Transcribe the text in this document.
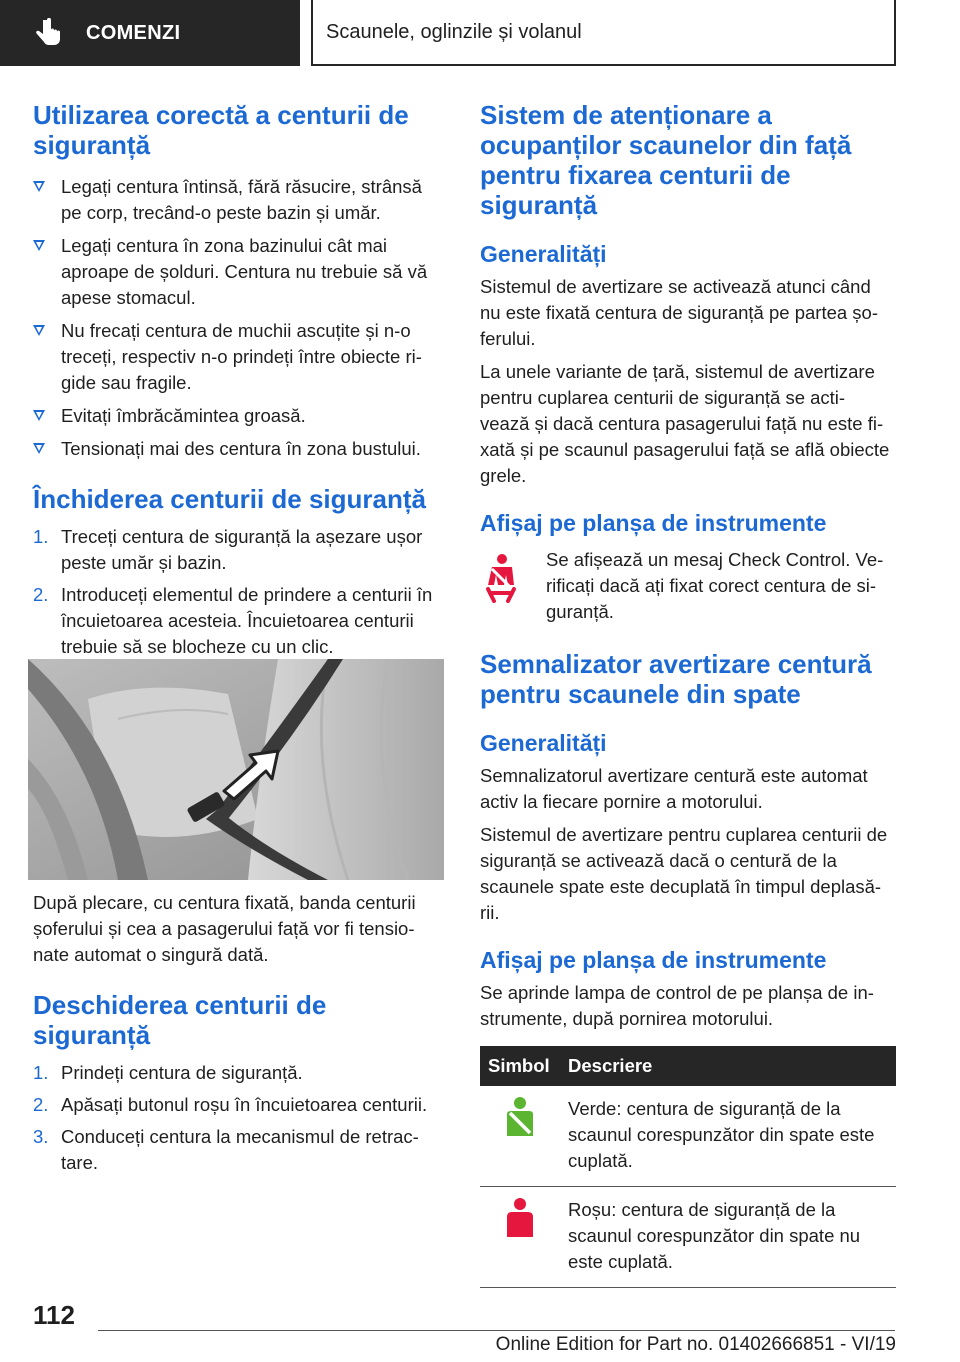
COMENZI	Scaunele, oglinzile și volanul
Utilizarea corectă a centurii de siguranță
Legați centura întinsă, fără răsucire, strânsă pe corp, trecând-o peste bazin și umăr.
Legați centura în zona bazinului cât mai aproape de șolduri. Centura nu trebuie să vă apese stomacul.
Nu frecați centura de muchii ascuțite și n-o treceți, respectiv n-o prindeți între obiecte ri- gide sau fragile.
Evitați îmbrăcămintea groasă.
Tensionați mai des centura în zona bustului.
Închiderea centurii de siguranță
1. Treceți centura de siguranță la așezare ușor peste umăr și bazin.
2. Introduceți elementul de prindere a centurii în încuietoarea acesteia. Încuietoarea centurii trebuie să se blocheze cu un clic.

După plecare, cu centura fixată, banda centurii șoferului și cea a pasagerului față vor fi tensio- nate automat o singură dată.

Deschiderea centurii de siguranță
1. Prindeți centura de siguranță.
2. Apăsați butonul roșu în încuietoarea centurii.
3. Conduceți centura la mecanismul de retrac- tare.
Sistem de atenționare a ocupanților scaunelor din față pentru fixarea centurii de siguranță
Generalități

Sistemul de avertizare se activează atunci când nu este fixată centura de siguranță pe partea șo- ferului.

La unele variante de țară, sistemul de avertizare pentru cuplarea centurii de siguranță se acti- vează și dacă centura pasagerului față nu este fi- xată și pe scaunul pasagerului față se află obiecte grele.

Afișaj pe planșa de instrumente

Se afișează un mesaj Check Control. Ve- rificați dacă ați fixat corect centura de si- guranță.

Semnalizator avertizare centură pentru scaunele din spate
Generalități

Semnalizatorul avertizare centură este automat activ la fiecare pornire a motorului.

Sistemul de avertizare pentru cuplarea centurii de siguranță se activează dacă o centură de la scaunele spate este decuplată în timpul deplasă- rii.

Afișaj pe planșa de instrumente

Se aprinde lampa de control de pe planșa de in- strumente, după pornirea motorului.

Simbol	Descriere
	Verde: centura de siguranță de la scaunul corespunzător din spate este cuplată.
	Roșu: centura de siguranță de la scaunul corespunzător din spate nu este cuplată.
112
Online Edition for Part no. 01402666851 - VI/19
